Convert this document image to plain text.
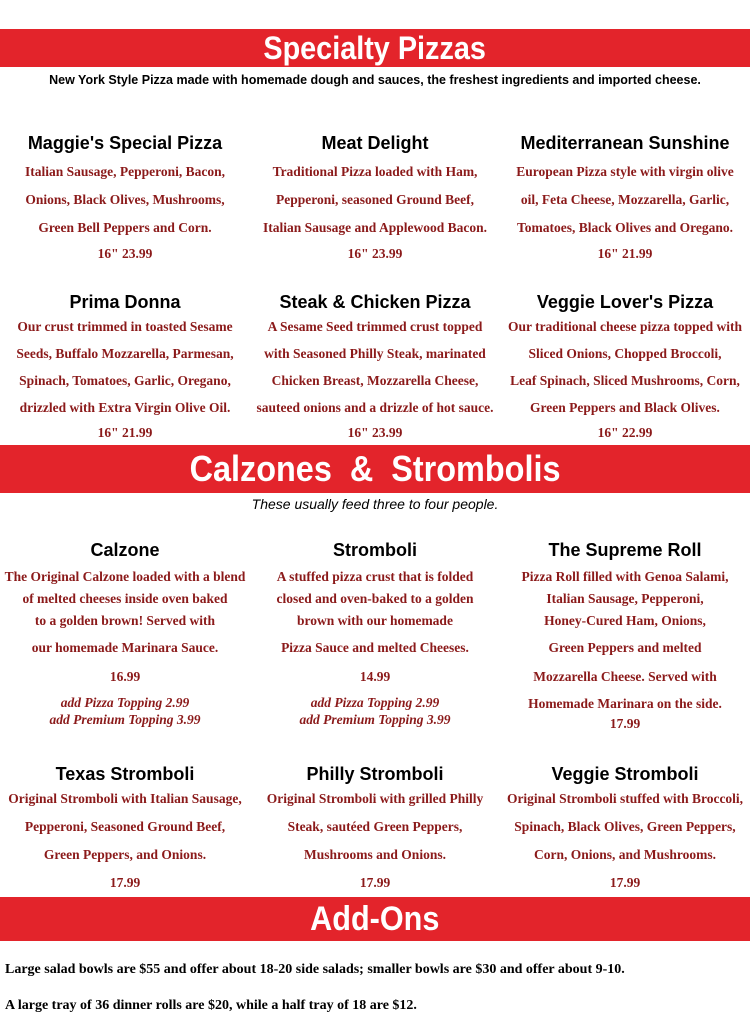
Specialty Pizzas
New York Style Pizza made with homemade dough and sauces, the freshest ingredients and imported cheese.
Maggie's Special Pizza
Italian Sausage, Pepperoni, Bacon,
Onions, Black Olives, Mushrooms,
Green Bell Peppers and Corn.
16" 23.99
Meat Delight
Traditional Pizza loaded with Ham,
Pepperoni, seasoned Ground Beef,
Italian Sausage and Applewood Bacon.
16" 23.99
Mediterranean Sunshine
European Pizza style with virgin olive
oil, Feta Cheese, Mozzarella, Garlic,
Tomatoes, Black Olives and Oregano.
16" 21.99
Prima Donna
Our crust trimmed in toasted Sesame
Seeds, Buffalo Mozzarella, Parmesan,
Spinach, Tomatoes, Garlic, Oregano,
drizzled with Extra Virgin Olive Oil.
16" 21.99
Steak & Chicken Pizza
A Sesame Seed trimmed crust topped
with Seasoned Philly Steak, marinated
Chicken Breast, Mozzarella Cheese,
sauteed onions and a drizzle of hot sauce.
16" 23.99
Veggie Lover's Pizza
Our traditional cheese pizza topped with
Sliced Onions, Chopped Broccoli,
Leaf Spinach, Sliced Mushrooms, Corn,
Green Peppers and Black Olives.
16" 22.99
Calzones  &  Strombolis
These usually feed three to four people.
Calzone
The Original Calzone loaded with a blend
of melted cheeses inside oven baked
to a golden brown! Served with
our homemade Marinara Sauce.
16.99
add Pizza Topping 2.99
add Premium Topping 3.99
Stromboli
A stuffed pizza crust that is folded
closed and oven-baked to a golden
brown with our homemade
Pizza Sauce and melted Cheeses.
14.99
add Pizza Topping 2.99
add Premium Topping 3.99
The Supreme Roll
Pizza Roll filled with Genoa Salami,
Italian Sausage, Pepperoni,
Honey-Cured Ham, Onions,
Green Peppers and melted
Mozzarella Cheese. Served with
Homemade Marinara on the side.
17.99
Texas Stromboli
Original Stromboli with Italian Sausage,
Pepperoni, Seasoned Ground Beef,
Green Peppers, and Onions.
17.99
Philly Stromboli
Original Stromboli with grilled Philly
Steak, sautéed Green Peppers,
Mushrooms and Onions.
17.99
Veggie Stromboli
Original Stromboli stuffed with Broccoli,
Spinach, Black Olives, Green Peppers,
Corn, Onions, and Mushrooms.
17.99
Add-Ons
Large salad bowls are $55 and offer about 18-20 side salads; smaller bowls are $30 and offer about 9-10.
A large tray of 36 dinner rolls are $20, while a half tray of 18 are $12.
